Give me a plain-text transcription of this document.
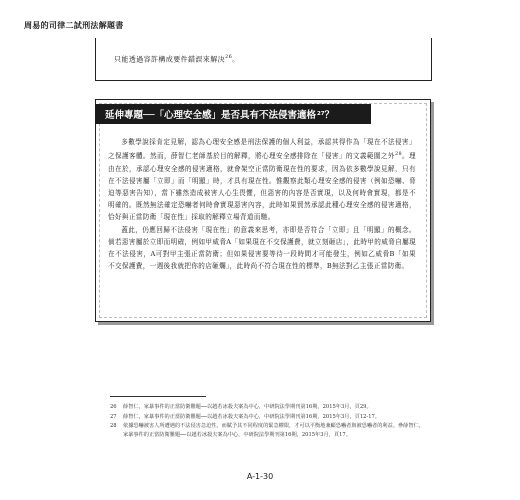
周易的司律二試刑法解題書
只能透過容許構成要件錯誤來解決$^{26}$。
延伸專題──「心理安全感」是否具有不法侵害適格 27 ？

多數學說採肯定見解，認為心理安全感是刑法保護的個人利益，承認其得作為「現在不法侵害」之保護客體。然而，薛智仁老師基於目的解釋，將心理安全感排除在「侵害」的文義範圍之外$^{28}$。理由在於，承認心理安全感的侵害適格，就會架空正當防衛現在性的要求，因為依多數學說見解，只有在不法侵害屬「立即」而「明顯」時，才具有現在性。惟觀察此類心理安全感的侵害（例如恐嚇、脅迫等惡害告知），當下雖然造成被害人心生畏懼，但惡害的內容是否實現，以及何時會實現，都是不明確的。既然無法確定恐嚇者何時會實現惡害內容，此時如果貿然承認此種心理安全感的侵害適格，恰好與正當防衛「現在性」採取的解釋立場背道而馳。

蓋此，仍應回歸不法侵害「現在性」的意義來思考，亦即是否符合「立即」且「明顯」的概念。倘若惡害屬於立即而明確，例如甲威脅A「如果現在不交保護費，就立刻砸店」，此時甲的威脅自屬現在不法侵害，A可對甲主張正當防衛；但如果侵害要等待一段時間才可能發生，例如乙威脅B「如果不交保護費，一週後我就把你的店砸爛」，此時尚不符合現在性的標準，B無法對乙主張正當防衛。

26	薛智仁，家暴事件的正當防衛難題──以趙若冰殺夫案為中心，中研院法學期刊第16期，2015年3月，頁29。
27	薛智仁，家暴事件的正當防衛難題──以趙若冰殺夫案為中心，中研院法學期刊第16期，2015年3月，頁12-17。
28	依據恐嚇被害人所遭遇的不法侵害急迫性，而賦予其不同程度的緊急權限，才可以平衡地兼顧恐嚇者與被恐嚇者的利益。參薛智仁，家暴事件的正當防衛難題──以趙若冰殺夫案為中心，中研院法學期刊第16期，2015年3月，頁17。
A-1-30
